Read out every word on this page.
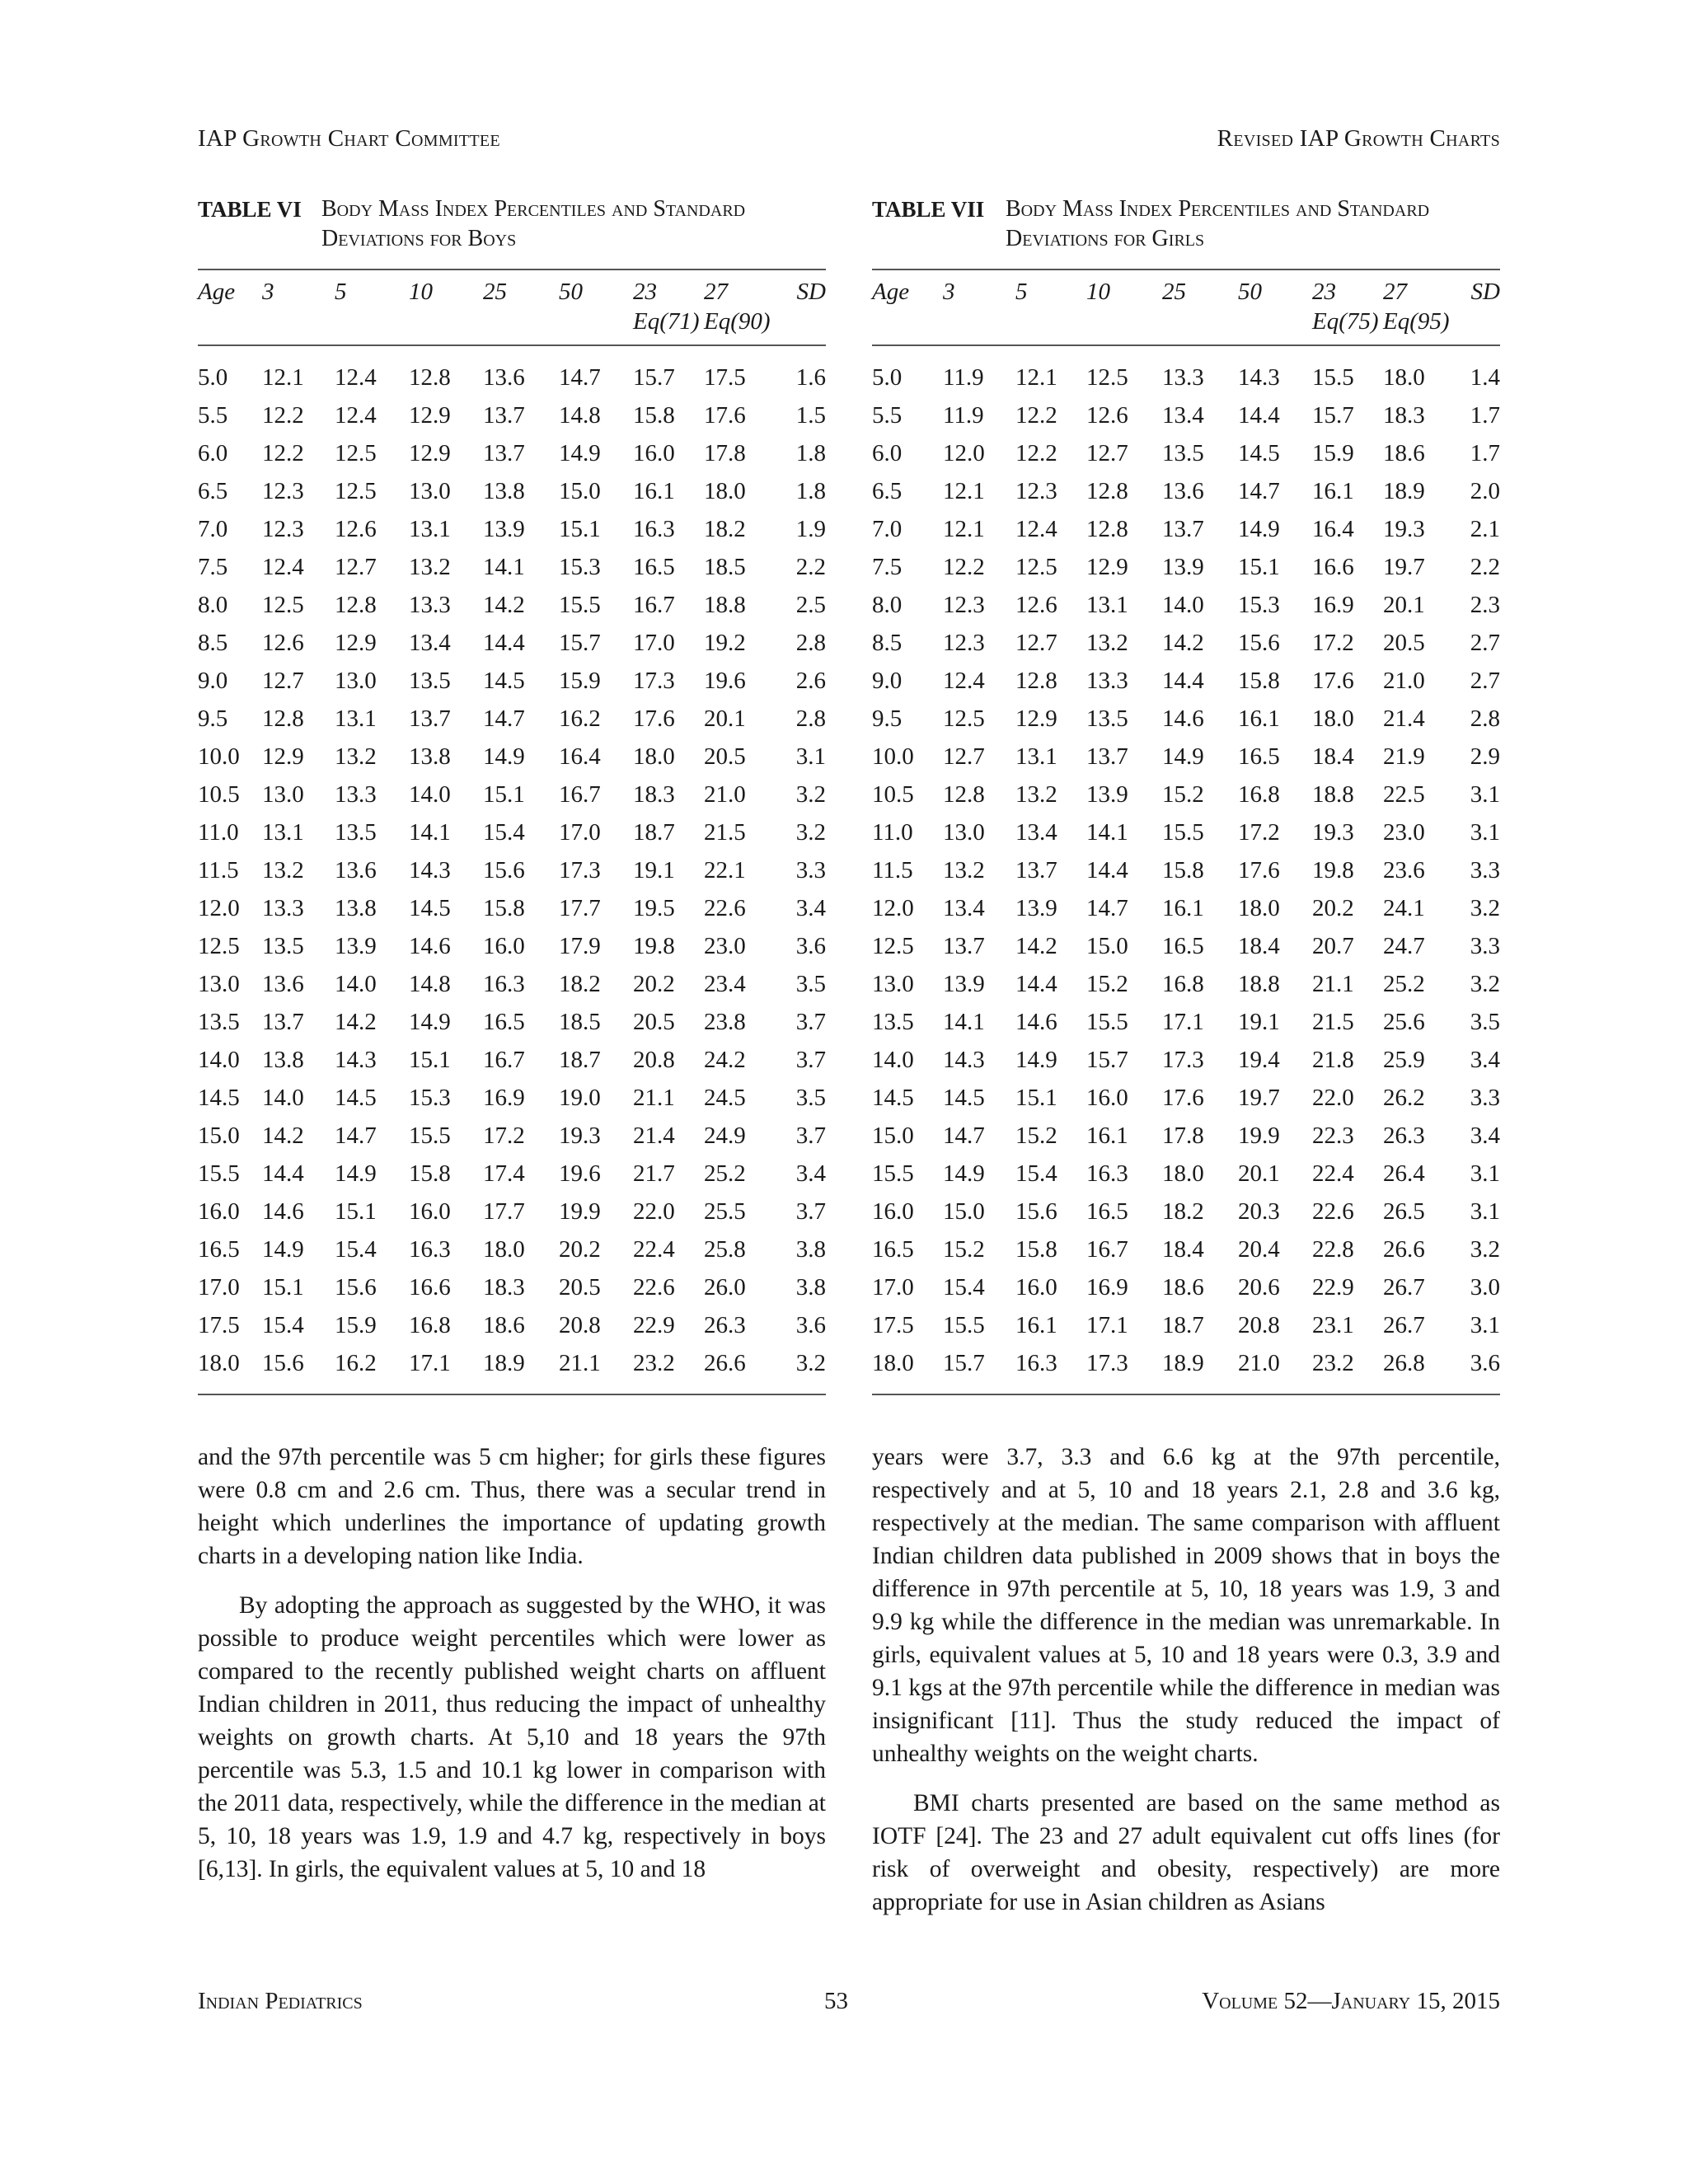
IAP Growth Chart Committee	Revised IAP Growth Charts
TABLE VI Body Mass Index Percentiles and Standard Deviations for Boys
TABLE VII Body Mass Index Percentiles and Standard Deviations for Girls
Age	3	5	10	25	50	23 Eq(71)	27 Eq(90)	SD
5.0	12.1	12.4	12.8	13.6	14.7	15.7	17.5	1.6
5.5	12.2	12.4	12.9	13.7	14.8	15.8	17.6	1.5
6.0	12.2	12.5	12.9	13.7	14.9	16.0	17.8	1.8
6.5	12.3	12.5	13.0	13.8	15.0	16.1	18.0	1.8
7.0	12.3	12.6	13.1	13.9	15.1	16.3	18.2	1.9
7.5	12.4	12.7	13.2	14.1	15.3	16.5	18.5	2.2
8.0	12.5	12.8	13.3	14.2	15.5	16.7	18.8	2.5
8.5	12.6	12.9	13.4	14.4	15.7	17.0	19.2	2.8
9.0	12.7	13.0	13.5	14.5	15.9	17.3	19.6	2.6
9.5	12.8	13.1	13.7	14.7	16.2	17.6	20.1	2.8
10.0	12.9	13.2	13.8	14.9	16.4	18.0	20.5	3.1
10.5	13.0	13.3	14.0	15.1	16.7	18.3	21.0	3.2
11.0	13.1	13.5	14.1	15.4	17.0	18.7	21.5	3.2
11.5	13.2	13.6	14.3	15.6	17.3	19.1	22.1	3.3
12.0	13.3	13.8	14.5	15.8	17.7	19.5	22.6	3.4
12.5	13.5	13.9	14.6	16.0	17.9	19.8	23.0	3.6
13.0	13.6	14.0	14.8	16.3	18.2	20.2	23.4	3.5
13.5	13.7	14.2	14.9	16.5	18.5	20.5	23.8	3.7
14.0	13.8	14.3	15.1	16.7	18.7	20.8	24.2	3.7
14.5	14.0	14.5	15.3	16.9	19.0	21.1	24.5	3.5
15.0	14.2	14.7	15.5	17.2	19.3	21.4	24.9	3.7
15.5	14.4	14.9	15.8	17.4	19.6	21.7	25.2	3.4
16.0	14.6	15.1	16.0	17.7	19.9	22.0	25.5	3.7
16.5	14.9	15.4	16.3	18.0	20.2	22.4	25.8	3.8
17.0	15.1	15.6	16.6	18.3	20.5	22.6	26.0	3.8
17.5	15.4	15.9	16.8	18.6	20.8	22.9	26.3	3.6
18.0	15.6	16.2	17.1	18.9	21.1	23.2	26.6	3.2
Age	3	5	10	25	50	23 Eq(75)	27 Eq(95)	SD
5.0	11.9	12.1	12.5	13.3	14.3	15.5	18.0	1.4
5.5	11.9	12.2	12.6	13.4	14.4	15.7	18.3	1.7
6.0	12.0	12.2	12.7	13.5	14.5	15.9	18.6	1.7
6.5	12.1	12.3	12.8	13.6	14.7	16.1	18.9	2.0
7.0	12.1	12.4	12.8	13.7	14.9	16.4	19.3	2.1
7.5	12.2	12.5	12.9	13.9	15.1	16.6	19.7	2.2
8.0	12.3	12.6	13.1	14.0	15.3	16.9	20.1	2.3
8.5	12.3	12.7	13.2	14.2	15.6	17.2	20.5	2.7
9.0	12.4	12.8	13.3	14.4	15.8	17.6	21.0	2.7
9.5	12.5	12.9	13.5	14.6	16.1	18.0	21.4	2.8
10.0	12.7	13.1	13.7	14.9	16.5	18.4	21.9	2.9
10.5	12.8	13.2	13.9	15.2	16.8	18.8	22.5	3.1
11.0	13.0	13.4	14.1	15.5	17.2	19.3	23.0	3.1
11.5	13.2	13.7	14.4	15.8	17.6	19.8	23.6	3.3
12.0	13.4	13.9	14.7	16.1	18.0	20.2	24.1	3.2
12.5	13.7	14.2	15.0	16.5	18.4	20.7	24.7	3.3
13.0	13.9	14.4	15.2	16.8	18.8	21.1	25.2	3.2
13.5	14.1	14.6	15.5	17.1	19.1	21.5	25.6	3.5
14.0	14.3	14.9	15.7	17.3	19.4	21.8	25.9	3.4
14.5	14.5	15.1	16.0	17.6	19.7	22.0	26.2	3.3
15.0	14.7	15.2	16.1	17.8	19.9	22.3	26.3	3.4
15.5	14.9	15.4	16.3	18.0	20.1	22.4	26.4	3.1
16.0	15.0	15.6	16.5	18.2	20.3	22.6	26.5	3.1
16.5	15.2	15.8	16.7	18.4	20.4	22.8	26.6	3.2
17.0	15.4	16.0	16.9	18.6	20.6	22.9	26.7	3.0
17.5	15.5	16.1	17.1	18.7	20.8	23.1	26.7	3.1
18.0	15.7	16.3	17.3	18.9	21.0	23.2	26.8	3.6

and the 97th percentile was 5 cm higher; for girls these figures were 0.8 cm and 2.6 cm. Thus, there was a secular trend in height which underlines the importance of updating growth charts in a developing nation like India.

By adopting the approach as suggested by the WHO, it was possible to produce weight percentiles which were lower as compared to the recently published weight charts on affluent Indian children in 2011, thus reducing the impact of unhealthy weights on growth charts. At 5,10 and 18 years the 97th percentile was 5.3, 1.5 and 10.1 kg lower in comparison with the 2011 data, respectively, while the difference in the median at 5, 10, 18 years was 1.9, 1.9 and 4.7 kg, respectively in boys [6,13]. In girls, the equivalent values at 5, 10 and 18

years were 3.7, 3.3 and 6.6 kg at the 97th percentile, respectively and at 5, 10 and 18 years 2.1, 2.8 and 3.6 kg, respectively at the median. The same comparison with affluent Indian children data published in 2009 shows that in boys the difference in 97th percentile at 5, 10, 18 years was 1.9, 3 and 9.9 kg while the difference in the median was unremarkable. In girls, equivalent values at 5, 10 and 18 years were 0.3, 3.9 and 9.1 kgs at the 97th percentile while the difference in median was insignificant [11]. Thus the study reduced the impact of unhealthy weights on the weight charts.

BMI charts presented are based on the same method as IOTF [24]. The 23 and 27 adult equivalent cut offs lines (for risk of overweight and obesity, respectively) are more appropriate for use in Asian children as Asians

Indian Pediatrics	53	Volume 52—January 15, 2015
